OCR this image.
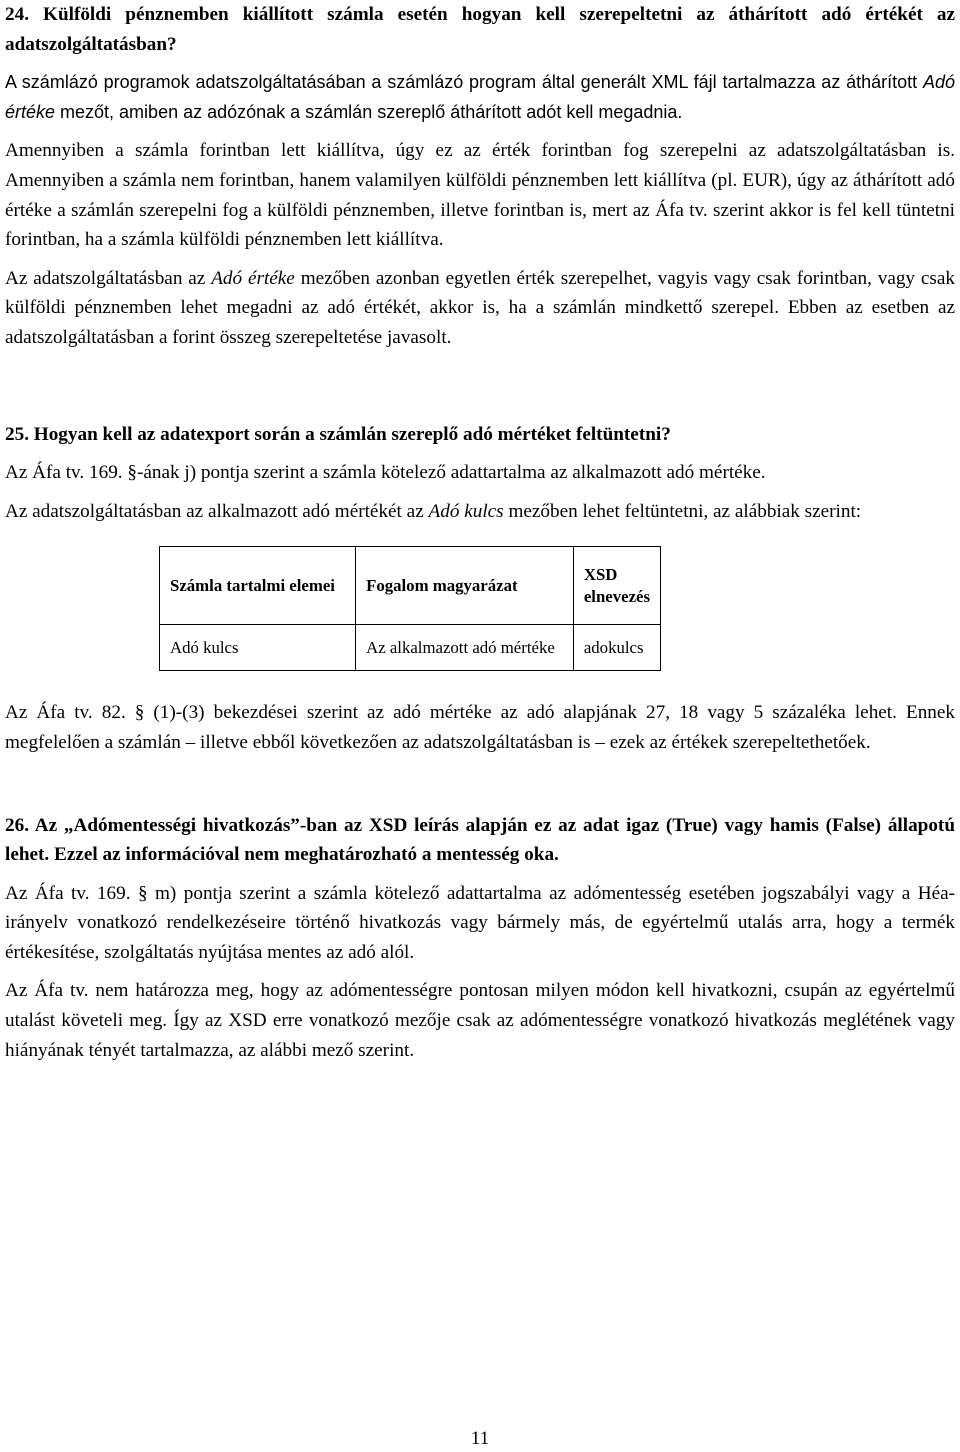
24. Külföldi pénznemben kiállított számla esetén hogyan kell szerepeltetni az áthárított adó értékét az adatszolgáltatásban?

A számlázó programok adatszolgáltatásában a számlázó program által generált XML fájl tartalmazza az áthárított Adó értéke mezőt, amiben az adózónak a számlán szereplő áthárított adót kell megadnia.

Amennyiben a számla forintban lett kiállítva, úgy ez az érték forintban fog szerepelni az adatszolgáltatásban is. Amennyiben a számla nem forintban, hanem valamilyen külföldi pénznemben lett kiállítva (pl. EUR), úgy az áthárított adó értéke a számlán szerepelni fog a külföldi pénznemben, illetve forintban is, mert az Áfa tv. szerint akkor is fel kell tüntetni forintban, ha a számla külföldi pénznemben lett kiállítva.

Az adatszolgáltatásban az Adó értéke mezőben azonban egyetlen érték szerepelhet, vagyis vagy csak forintban, vagy csak külföldi pénznemben lehet megadni az adó értékét, akkor is, ha a számlán mindkettő szerepel. Ebben az esetben az adatszolgáltatásban a forint összeg szerepeltetése javasolt.

25. Hogyan kell az adatexport során a számlán szereplő adó mértéket feltüntetni?

Az Áfa tv. 169. §-ának j) pontja szerint a számla kötelező adattartalma az alkalmazott adó mértéke.

Az adatszolgáltatásban az alkalmazott adó mértékét az Adó kulcs mezőben lehet feltüntetni, az alábbiak szerint:

Számla tartalmi elemei	Fogalom magyarázat	XSD elnevezés
Adó kulcs	Az alkalmazott adó mértéke	adokulcs

Az Áfa tv. 82. § (1)-(3) bekezdései szerint az adó mértéke az adó alapjának 27, 18 vagy 5 százaléka lehet. Ennek megfelelően a számlán – illetve ebből következően az adatszolgáltatásban is – ezek az értékek szerepeltethetőek.

26. Az „Adómentességi hivatkozás”-ban az XSD leírás alapján ez az adat igaz (True) vagy hamis (False) állapotú lehet. Ezzel az információval nem meghatározható a mentesség oka.

Az Áfa tv. 169. § m) pontja szerint a számla kötelező adattartalma az adómentesség esetében jogszabályi vagy a Héa-irányelv vonatkozó rendelkezéseire történő hivatkozás vagy bármely más, de egyértelmű utalás arra, hogy a termék értékesítése, szolgáltatás nyújtása mentes az adó alól.

Az Áfa tv. nem határozza meg, hogy az adómentességre pontosan milyen módon kell hivatkozni, csupán az egyértelmű utalást követeli meg. Így az XSD erre vonatkozó mezője csak az adómentességre vonatkozó hivatkozás meglétének vagy hiányának tényét tartalmazza, az alábbi mező szerint.

11
